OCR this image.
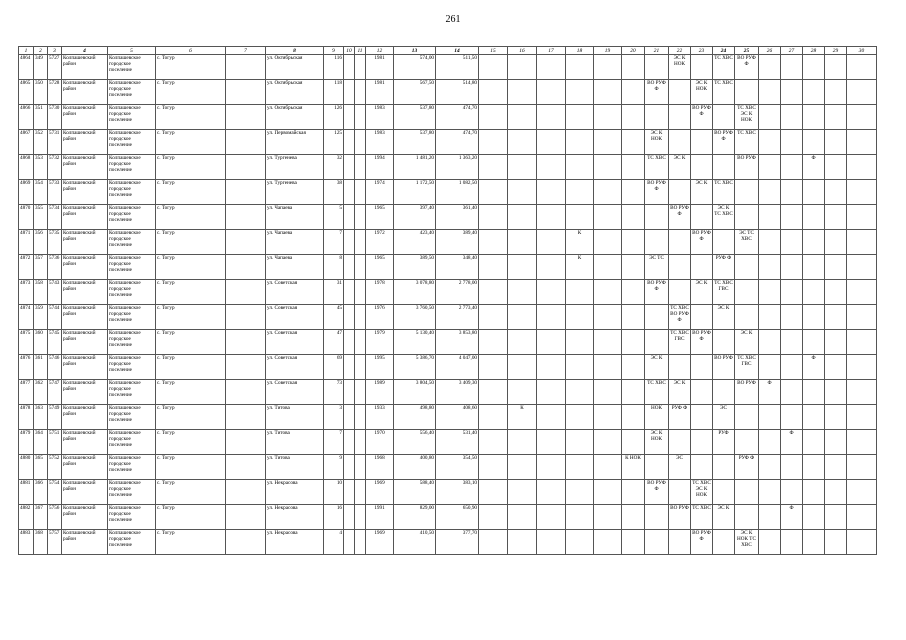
261
1	2	3	4	5	6	7	8	9	10	11	12	13	14	15	16	17	18	19	20	21	22	23	24	25	26	27	28	29	30
4864	349	5727	Колпашевский район	Колпашевское городское поселение	с. Тогур		ул. Октябрьская	116			1981	574,00	511,50								ЭС К НОК		ТС ХВС	ВО РУФ Ф					
4865	350	5728	Колпашевский район	Колпашевское городское поселение	с. Тогур		ул. Октябрьская	118			1981	567,50	514,80							ВО РУФ Ф		ЭС К НОК	ТС ХВС						
4866	351	5730	Колпашевский район	Колпашевское городское поселение	с. Тогур		ул. Октябрьская	126			1983	537,80	474,70									ВО РУФ Ф		ТС ХВС ЭС К НОК					
4867	352	5731	Колпашевский район	Колпашевское городское поселение	с. Тогур		ул. Первомайская	125			1983	537,80	474,70							ЭС К НОК			ВО РУФ Ф	ТС ХВС					
4868	353	5732	Колпашевский район	Колпашевское городское поселение	с. Тогур		ул. Тургенева	32			1994	1 481,20	1 363,20							ТС ХВС	ЭС К			ВО РУФ			Ф		
4869	354	5733	Колпашевский район	Колпашевское городское поселение	с. Тогур		ул. Тургенева	38			1974	1 172,50	1 082,50							ВО РУФ Ф		ЭС К	ТС ХВС						
4870	355	5734	Колпашевский район	Колпашевское городское поселение	с. Тогур		ул. Чапаева	5			1965	397,40	361,40								ВО РУФ Ф		ЭС К ТС ХВС						
4871	356	5735	Колпашевский район	Колпашевское городское поселение	с. Тогур		ул. Чапаева	7			1972	423,40	389,40				К					ВО РУФ Ф		ЭС ТС ХВС					
4872	357	5736	Колпашевский район	Колпашевское городское поселение	с. Тогур		ул. Чапаева	8			1965	389,50	348,40				К			ЭС ТС			РУФ Ф						
4873	358	5743	Колпашевский район	Колпашевское городское поселение	с. Тогур		ул. Советская	31			1978	3 078,80	2 778,00							ВО РУФ Ф		ЭС К	ТС ХВС ГВС						
4874	359	5744	Колпашевский район	Колпашевское городское поселение	с. Тогур		ул. Советская	45			1976	3 760,50	2 773,40								ТС ХВС ВО РУФ Ф		ЭС К						
4875	360	5745	Колпашевский район	Колпашевское городское поселение	с. Тогур		ул. Советская	47			1979	5 130,40	3 853,80								ТС ХВС ГВС	ВО РУФ Ф		ЭС К					
4876	361	5746	Колпашевский район	Колпашевское городское поселение	с. Тогур		ул. Советская	69			1995	5 386,70	4 047,00							ЭС К			ВО РУФ	ТС ХВС ГВС			Ф		
4877	362	5747	Колпашевский район	Колпашевское городское поселение	с. Тогур		ул. Советская	73			1989	3 804,50	3 409,30							ТС ХВС	ЭС К			ВО РУФ	Ф				
4878	363	5749	Колпашевский район	Колпашевское городское поселение	с. Тогур		ул. Титова	3			1933	498,80	408,60		К					НОК	РУФ Ф		ЭС						
4879	364	5751	Колпашевский район	Колпашевское городское поселение	с. Тогур		ул. Титова	7			1970	556,40	531,40							ЭС К НОК			РУФ			Ф			
4880	365	5752	Колпашевский район	Колпашевское городское поселение	с. Тогур		ул. Титова	9			1968	400,80	354,50						К НОК		ЭС			РУФ Ф					
4881	366	5754	Колпашевский район	Колпашевское городское поселение	с. Тогур		ул. Некрасова	10			1969	588,40	383,10							ВО РУФ Ф		ТС ХВС ЭС К НОК							
4882	367	5756	Колпашевский район	Колпашевское городское поселение	с. Тогур		ул. Некрасова	16			1991	829,00	650,90								ВО РУФ	ТС ХВС	ЭС К			Ф			
4883	368	5757	Колпашевский район	Колпашевское городское поселение	с. Тогур		ул. Некрасова	4			1969	410,50	377,70									ВО РУФ Ф		ЭС К НОК ТС ХВС					
